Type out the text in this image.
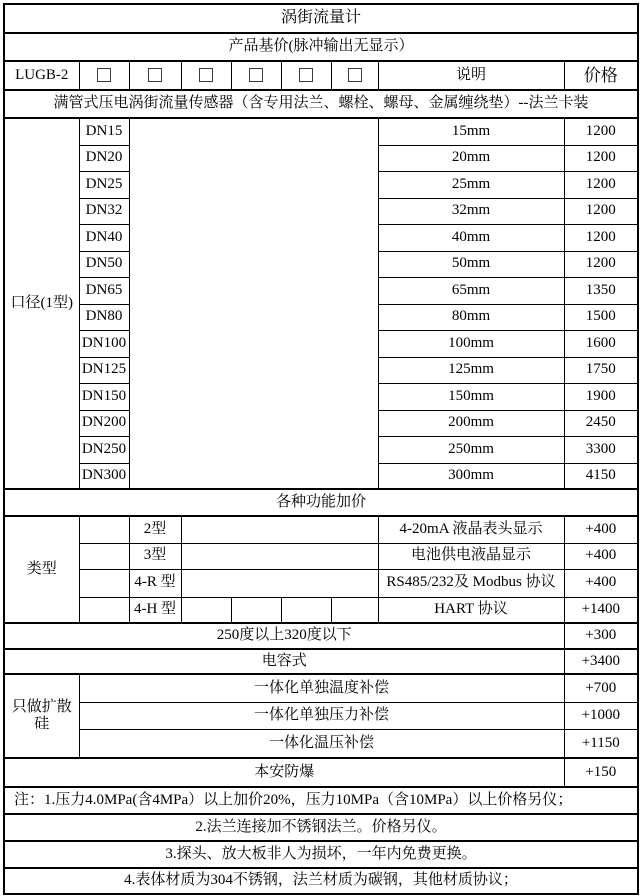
涡街流量计								
产品基价(脉冲输出无显示）								
LUGB-2							说明	价格
满管式压电涡街流量传感器（含专用法兰、螺栓、螺母、金属缠绕垫）--法兰卡装								
口径(1型)	DN15						15mm	1200
	DN20						20mm	1200
	DN25						25mm	1200
	DN32						32mm	1200
	DN40						40mm	1200
	DN50						50mm	1200
	DN65						65mm	1350
	DN80						80mm	1500
	DN100						100mm	1600
	DN125						125mm	1750
	DN150						150mm	1900
	DN200						200mm	2450
	DN250						250mm	3300
	DN300						300mm	4150
各种功能加价								
类型		2型					4-20mA 液晶表头显示	+400
		3型					电池供电液晶显示	+400
		4-R 型					RS485/232及 Modbus 协议	+400
		4-H 型					HART 协议	+1400
250度以上320度以下								+300
电容式								+3400
只做扩散硅	一体化单独温度补偿							+700
	一体化单独压力补偿							+1000
	一体化温压补偿							+1150
本安防爆								+150
注：1.压力4.0MPa(含4MPa）以上加价20%，压力10MPa（含10MPa）以上价格另仪；								
2.法兰连接加不锈钢法兰。价格另仪。								
3.探头、放大板非人为损坏，一年内免费更换。								
4.表体材质为304不锈钢，法兰材质为碳钢，其他材质协议；								
